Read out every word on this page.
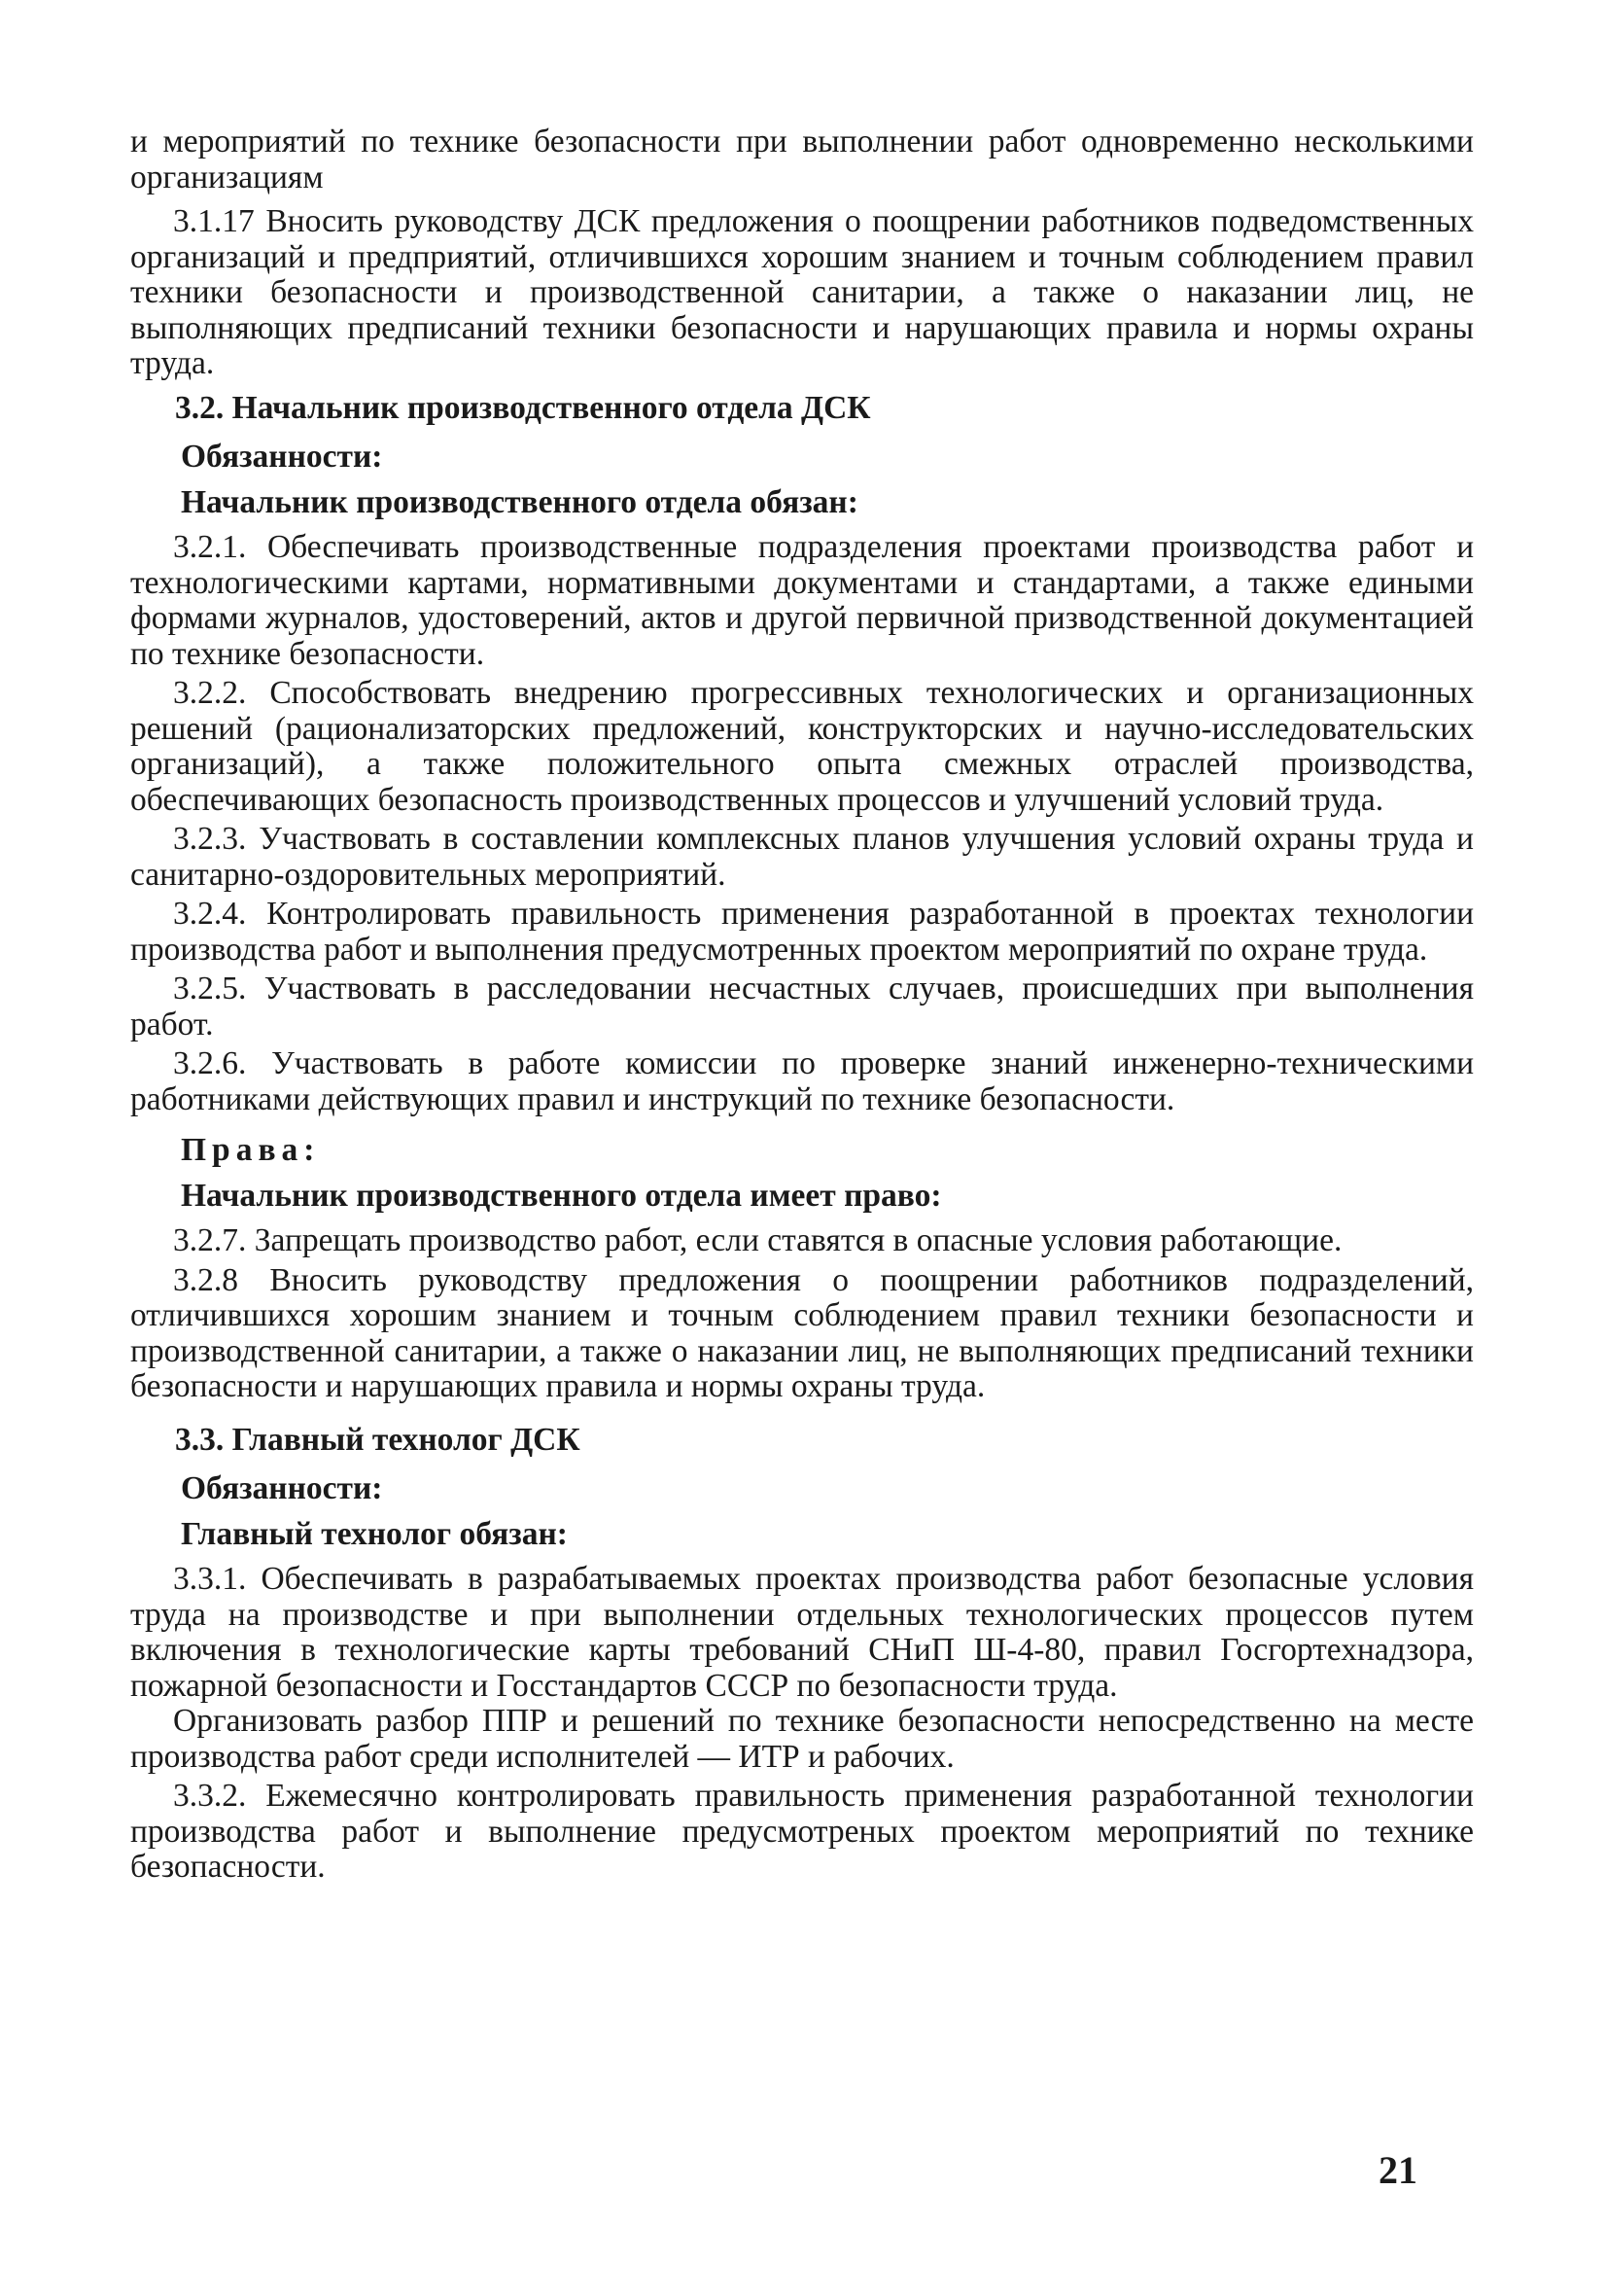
и мероприятий по технике безопасности при выполнении работ одновременно несколькими организациям

3.1.17 Вносить руководству ДСК предложения о поощрении работников подведомственных организаций и предприятий, отличившихся хорошим знанием и точным соблюдением правил техники безопасности и производственной санитарии, а также о наказании лиц, не выполняющих предписаний техники безопасности и нарушающих правила и нормы охраны труда.

3.2. Начальник производственного отдела ДСК

Обязанности:

Начальник производственного отдела обязан:

3.2.1. Обеспечивать производственные подразделения проектами производства работ и технологическими картами, нормативными документами и стандартами, а также едиными формами журналов, удостоверений, актов и другой первичной призводственной документацией по технике безопасности.

3.2.2. Способствовать внедрению прогрессивных технологических и организационных решений (рационализаторских предложений, конструкторских и научно-исследовательских организаций), а также положительного опыта смежных отраслей производства, обеспечивающих безопасность производственных процессов и улучшений условий труда.

3.2.3. Участвовать в составлении комплексных планов улучшения условий охраны труда и санитарно-оздоровительных мероприятий.

3.2.4. Контролировать правильность применения разработанной в проектах технологии производства работ и выполнения предусмотренных проектом мероприятий по охране труда.

3.2.5. Участвовать в расследовании несчастных случаев, происшедших при выполнения работ.

3.2.6. Участвовать в работе комиссии по проверке знаний инженерно-техническими работниками действующих правил и инструкций по технике безопасности.

Права:

Начальник производственного отдела имеет право:

3.2.7. Запрещать производство работ, если ставятся в опасные условия работающие.

3.2.8 Вносить руководству предложения о поощрении работников подразделений, отличившихся хорошим знанием и точным соблюдением правил техники безопасности и производственной санитарии, а также о наказании лиц, не выполняющих предписаний техники безопасности и нарушающих правила и нормы охраны труда.

3.3. Главный технолог ДСК

Обязанности:

Главный технолог обязан:

3.3.1. Обеспечивать в разрабатываемых проектах производства работ безопасные условия труда на производстве и при выполнении отдельных технологических процессов путем включения в технологические карты требований СНиП Ш-4-80, правил Госгортехнадзора, пожарной безопасности и Госстандартов СССР по безопасности труда.

Организовать разбор ППР и решений по технике безопасности непосредственно на месте производства работ среди исполнителей — ИТР и рабочих.

3.3.2. Ежемесячно контролировать правильность применения разработанной технологии производства работ и выполнение предусмотреных проектом мероприятий по технике безопасности.

21
